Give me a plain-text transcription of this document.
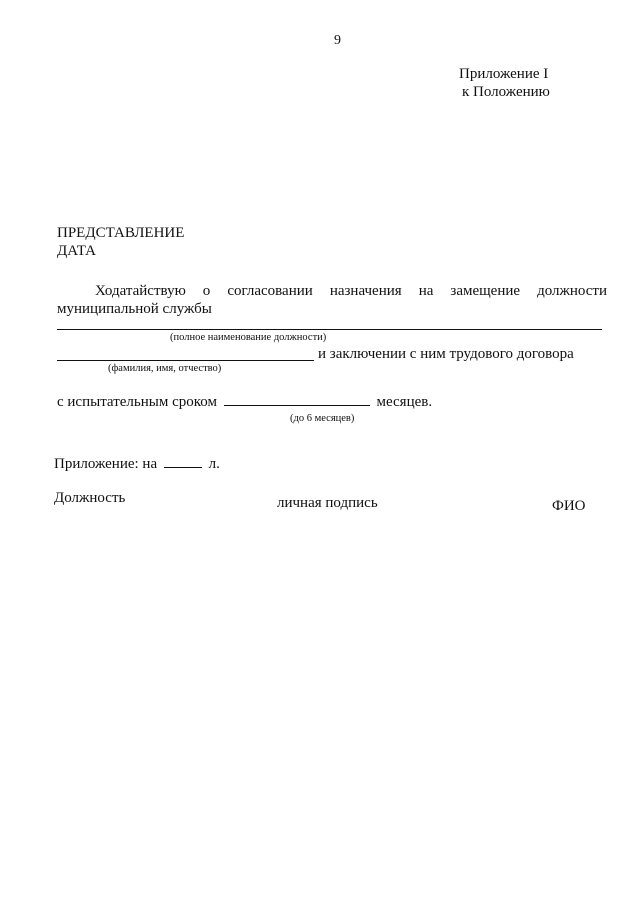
9
Приложение I
к Положению
ПРЕДСТАВЛЕНИЕ
ДАТА
Ходатайствую о согласовании назначения на замещение должности
муниципальной службы
(полное наименование должности)
и заключении с ним трудового договора
(фамилия, имя, отчество)
с испытательным сроком	месяцев.
(до 6 месяцев)
Приложение: на	л.
Должность	личная подпись	ФИО
